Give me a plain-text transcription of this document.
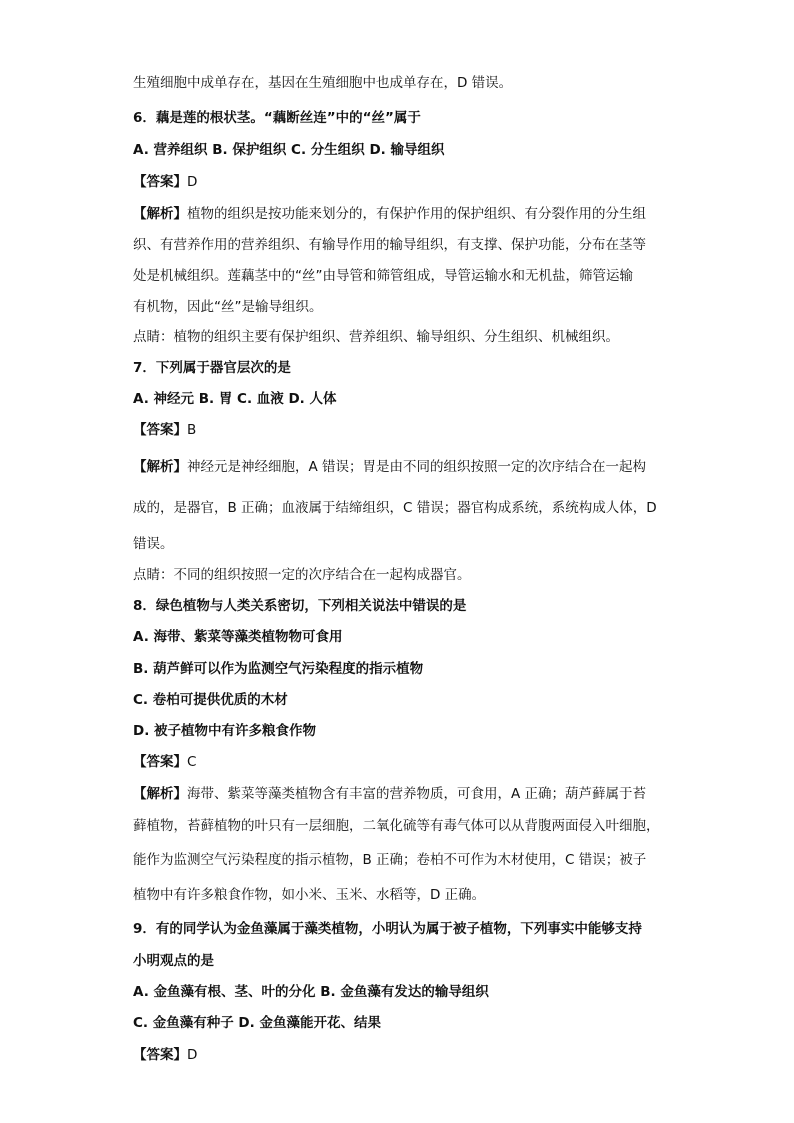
生殖细胞中成单存在，基因在生殖细胞中也成单存在，D 错误。
6．藕是莲的根状茎。“藕断丝连”中的“丝”属于
A. 营养组织 B. 保护组织 C. 分生组织 D. 输导组织
【答案】D
【解析】植物的组织是按功能来划分的，有保护作用的保护组织、有分裂作用的分生组
织、有营养作用的营养组织、有输导作用的输导组织，有支撑、保护功能，分布在茎等
处是机械组织。莲藕茎中的“丝”由导管和筛管组成，导管运输水和无机盐，筛管运输
有机物，因此“丝”是输导组织。
点睛：植物的组织主要有保护组织、营养组织、输导组织、分生组织、机械组织。
7．下列属于器官层次的是
A. 神经元 B. 胃 C. 血液 D. 人体
【答案】B
【解析】神经元是神经细胞，A 错误；胃是由不同的组织按照一定的次序结合在一起构
成的，是器官，B 正确；血液属于结缔组织，C 错误；器官构成系统，系统构成人体，D
错误。
点睛：不同的组织按照一定的次序结合在一起构成器官。
8．绿色植物与人类关系密切，下列相关说法中错误的是
A. 海带、紫菜等藻类植物物可食用
B. 葫芦鲜可以作为监测空气污染程度的指示植物
C. 卷柏可提供优质的木材
D. 被子植物中有许多粮食作物
【答案】C
【解析】海带、紫菜等藻类植物含有丰富的营养物质，可食用，A 正确；葫芦藓属于苔
藓植物，苔藓植物的叶只有一层细胞，二氧化硫等有毒气体可以从背腹两面侵入叶细胞，
能作为监测空气污染程度的指示植物，B 正确；卷柏不可作为木材使用，C 错误；被子
植物中有许多粮食作物，如小米、玉米、水稻等，D 正确。
9．有的同学认为金鱼藻属于藻类植物，小明认为属于被子植物，下列事实中能够支持
小明观点的是
A. 金鱼藻有根、茎、叶的分化 B. 金鱼藻有发达的输导组织
C. 金鱼藻有种子 D. 金鱼藻能开花、结果
【答案】D
